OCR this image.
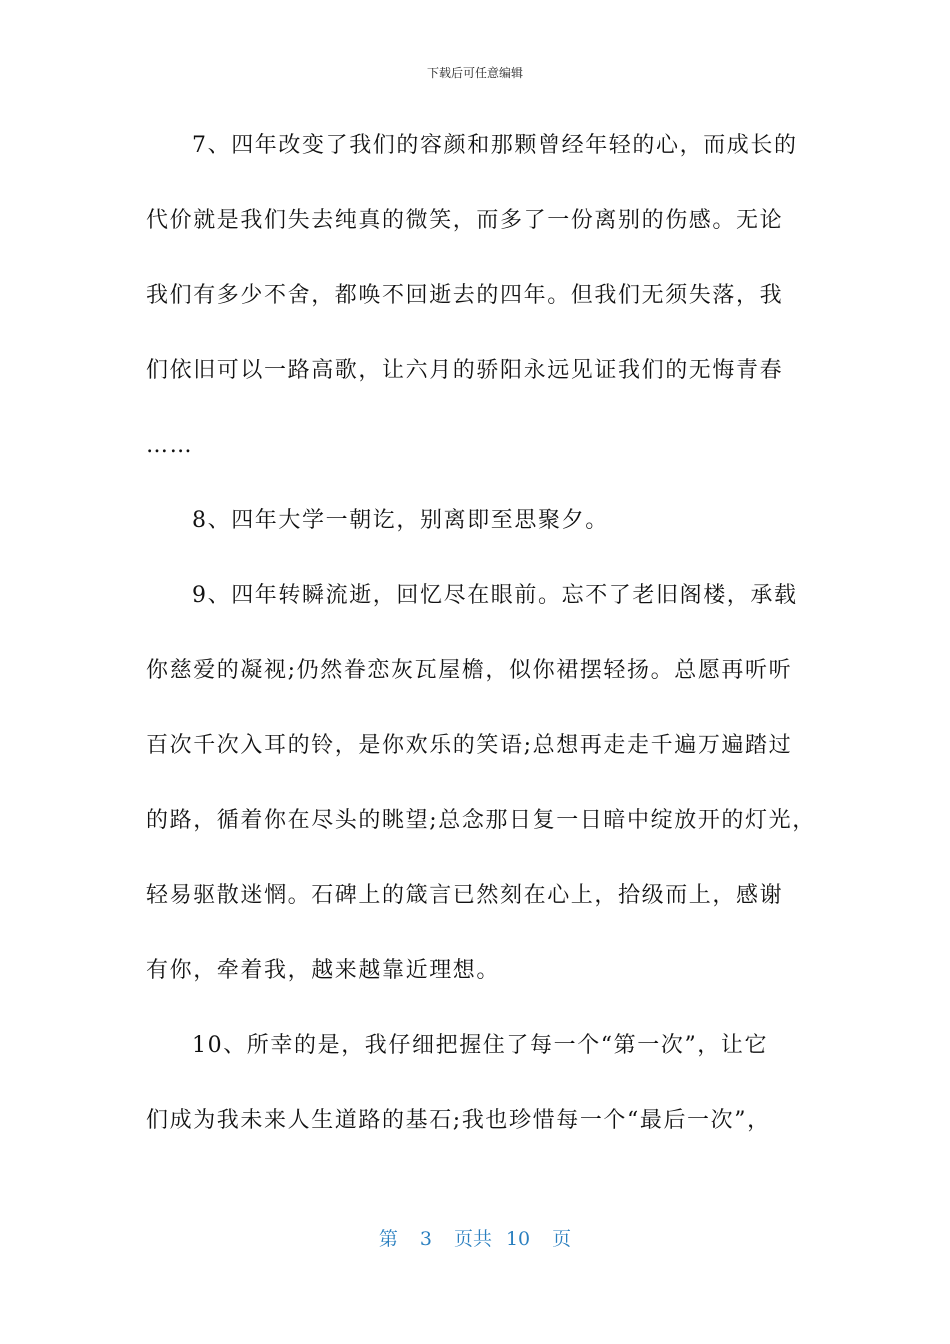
下载后可任意编辑
7、四年改变了我们的容颜和那颗曾经年轻的心，而成长的
代价就是我们失去纯真的微笑，而多了一份离别的伤感。无论
我们有多少不舍，都唤不回逝去的四年。但我们无须失落，我
们依旧可以一路高歌，让六月的骄阳永远见证我们的无悔青春
……
8、四年大学一朝讫，别离即至思聚夕。
9、四年转瞬流逝，回忆尽在眼前。忘不了老旧阁楼，承载
你慈爱的凝视;仍然眷恋灰瓦屋檐，似你裙摆轻扬。总愿再听听
百次千次入耳的铃，是你欢乐的笑语;总想再走走千遍万遍踏过
的路，循着你在尽头的眺望;总念那日复一日暗中绽放开的灯光，
轻易驱散迷惘。石碑上的箴言已然刻在心上，拾级而上，感谢
有你，牵着我，越来越靠近理想。
10、所幸的是，我仔细把握住了每一个“第一次”，让它
们成为我未来人生道路的基石;我也珍惜每一个“最后一次”，
第 3 页共 10 页
